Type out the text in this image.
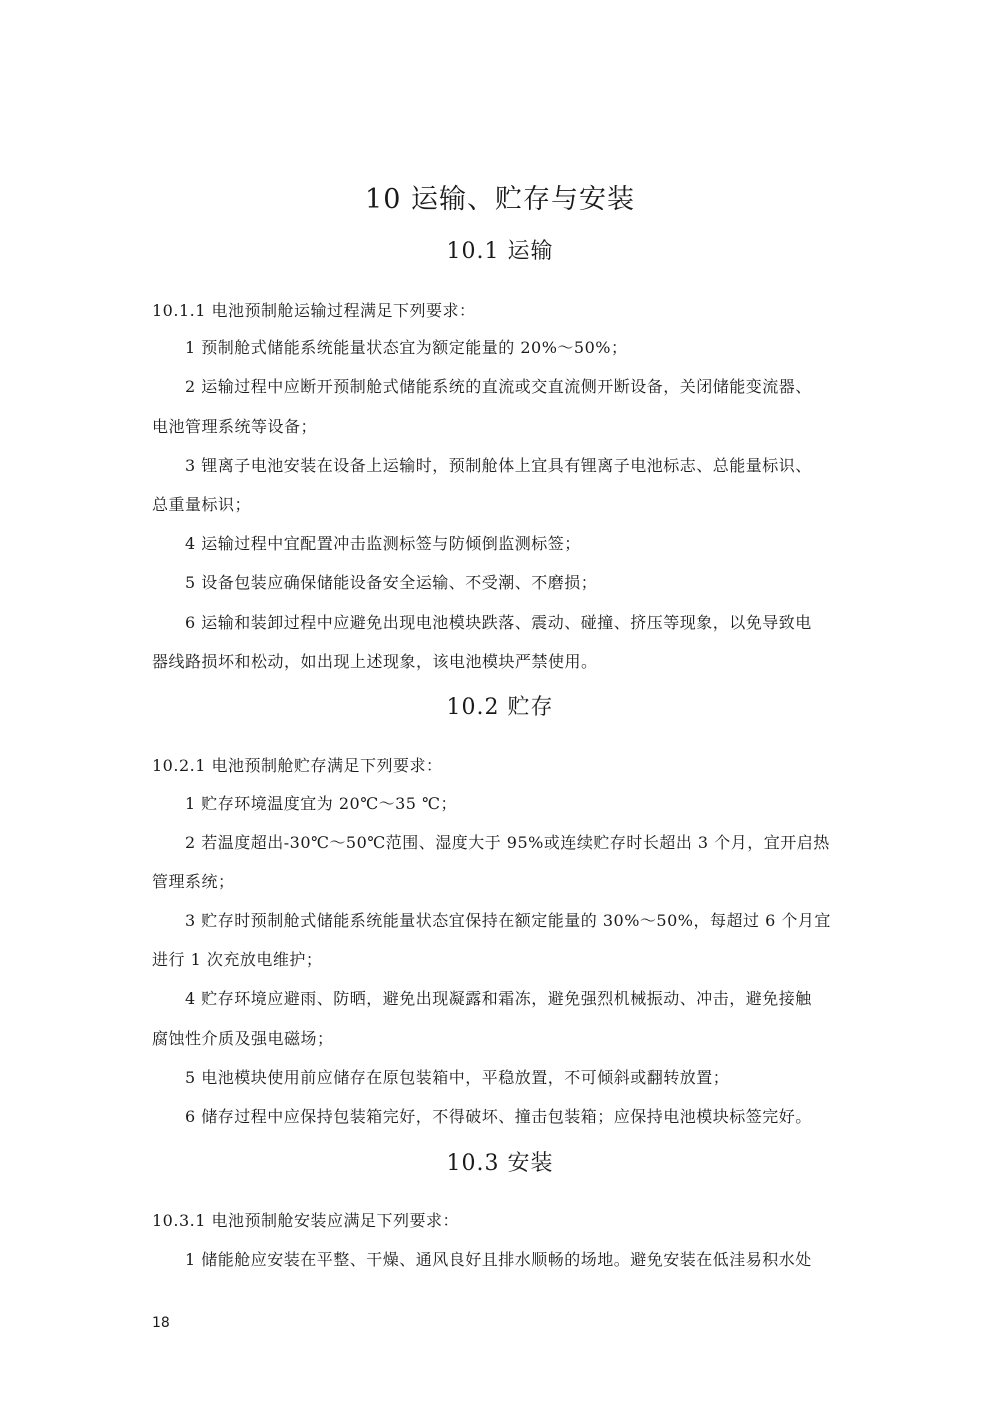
10 运输、贮存与安装
10.1 运输
10.1.1 电池预制舱运输过程满足下列要求：
1 预制舱式储能系统能量状态宜为额定能量的 20%～50%；
2 运输过程中应断开预制舱式储能系统的直流或交直流侧开断设备，关闭储能变流器、
电池管理系统等设备；
3 锂离子电池安装在设备上运输时，预制舱体上宜具有锂离子电池标志、总能量标识、
总重量标识；
4 运输过程中宜配置冲击监测标签与防倾倒监测标签；
5 设备包装应确保储能设备安全运输、不受潮、不磨损；
6 运输和装卸过程中应避免出现电池模块跌落、震动、碰撞、挤压等现象，以免导致电
器线路损坏和松动，如出现上述现象，该电池模块严禁使用。
10.2 贮存
10.2.1 电池预制舱贮存满足下列要求：
1 贮存环境温度宜为 20℃～35 ℃；
2 若温度超出-30℃～50℃范围、湿度大于 95%或连续贮存时长超出 3 个月，宜开启热
管理系统；
3 贮存时预制舱式储能系统能量状态宜保持在额定能量的 30%～50%，每超过 6 个月宜
进行 1 次充放电维护；
4 贮存环境应避雨、防晒，避免出现凝露和霜冻，避免强烈机械振动、冲击，避免接触
腐蚀性介质及强电磁场；
5 电池模块使用前应储存在原包装箱中，平稳放置，不可倾斜或翻转放置；
6 储存过程中应保持包装箱完好，不得破坏、撞击包装箱；应保持电池模块标签完好。
10.3 安装
10.3.1 电池预制舱安装应满足下列要求：
1 储能舱应安装在平整、干燥、通风良好且排水顺畅的场地。避免安装在低洼易积水处
18
